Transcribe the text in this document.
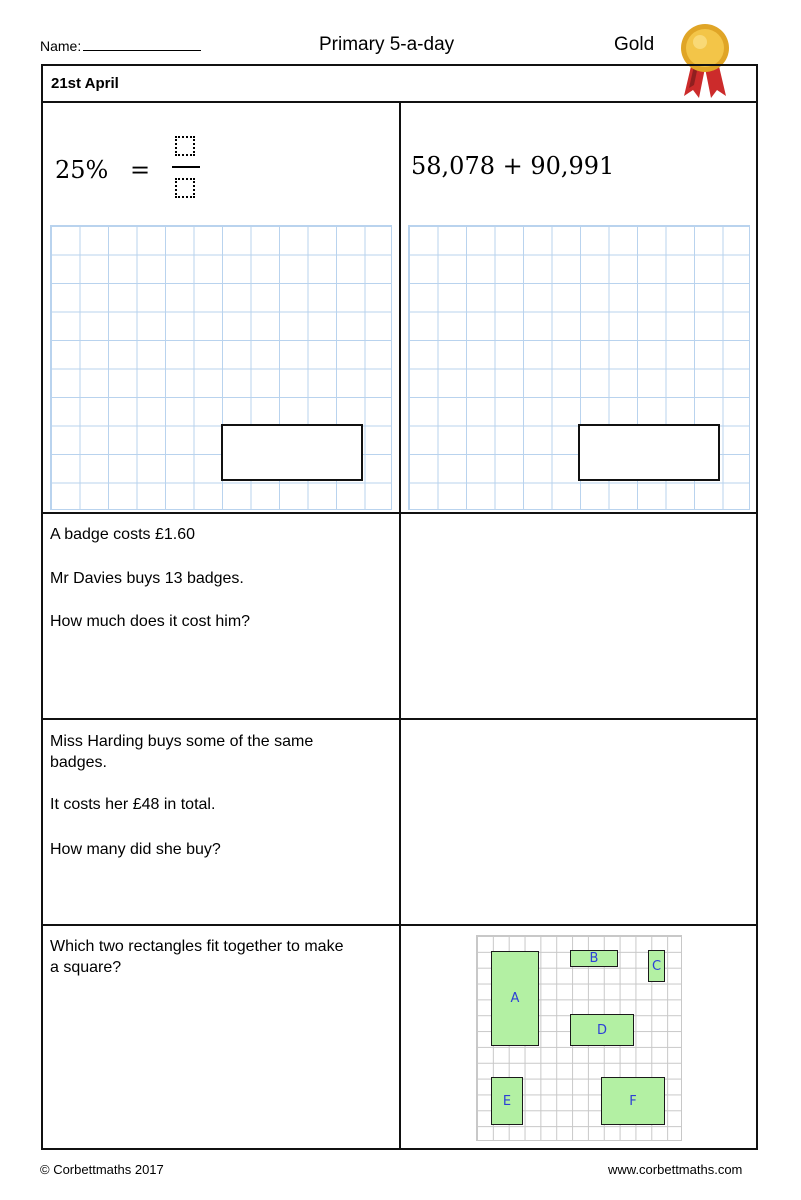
Name:	Primary 5-a-day	Gold
21st April
25% =	58,078 + 90,991
A badge costs £1.60
Mr Davies buys 13 badges.
How much does it cost him?
Miss Harding buys some of the same
badges.
It costs her £48 in total.
How many did she buy?
Which two rectangles fit together to make
a square?
A
B	C
D
E	F
© Corbettmaths 2017	www.corbettmaths.com
